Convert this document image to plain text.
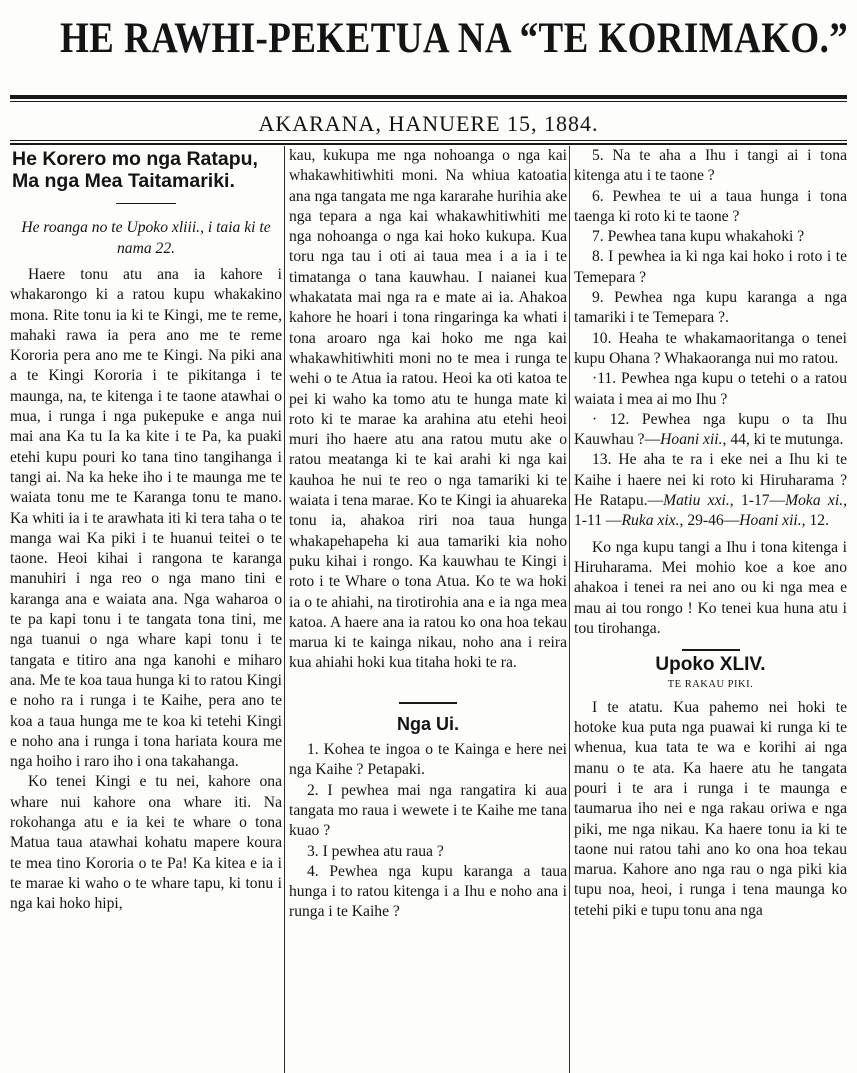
HE RAWHI-PEKETUA NA “TE KORIMAKO.”
AKARANA, HANUERE 15, 1884.
He Korero mo nga Ratapu, Ma nga Mea Taitamariki.
He roanga no te Upoko xliii., i taia ki te nama 22.

Haere tonu atu ana ia kahore i whakarongo ki a ratou kupu whakakino mona. Rite tonu ia ki te Kingi, me te reme, mahaki rawa ia pera ano me te reme Kororia pera ano me te Kingi. Na piki ana a te Kingi Kororia i te pikitanga i te maunga, na, te kitenga i te taone atawhai o mua, i runga i nga pukepuke e anga nui mai ana Ka tu Ia ka kite i te Pa, ka puaki etehi kupu pouri ko tana tino tangihanga i tangi ai. Na ka heke iho i te maunga me te waiata tonu me te Karanga tonu te mano. Ka whiti ia i te arawhata iti ki tera taha o te manga wai Ka piki i te huanui teitei o te taone. Heoi kihai i rangona te karanga manuhiri i nga reo o nga mano tini e karanga ana e waiata ana. Nga waharoa o te pa kapi tonu i te tangata tona tini, me nga tuanui o nga whare kapi tonu i te tangata e titiro ana nga kanohi e miharo ana. Me te koa taua hunga ki to ratou Kingi e noho ra i runga i te Kaihe, pera ano te koa a taua hunga me te koa ki tetehi Kingi e noho ana i runga i tona hariata koura me nga hoiho i raro iho i ona takahanga.

Ko tenei Kingi e tu nei, kahore ona whare nui kahore ona whare iti. Na rokohanga atu e ia kei te whare o tona Matua taua atawhai kohatu mapere koura te mea tino Kororia o te Pa! Ka kitea e ia i te marae ki waho o te whare tapu, ki tonu i nga kai hoko hipi,

kau, kukupa me nga nohoanga o nga kai whakawhitiwhiti moni. Na whiua katoatia ana nga tangata me nga kararahe hurihia ake nga tepara a nga kai whakawhitiwhiti me nga nohoanga o nga kai hoko kukupa. Kua toru nga tau i oti ai taua mea i a ia i te timatanga o tana kauwhau. I naianei kua whakatata mai nga ra e mate ai ia. Ahakoa kahore he hoari i tona ringaringa ka whati i tona aroaro nga kai hoko me nga kai whakawhitiwhiti moni no te mea i runga te wehi o te Atua ia ratou. Heoi ka oti katoa te pei ki waho ka tomo atu te hunga mate ki roto ki te marae ka arahina atu etehi heoi muri iho haere atu ana ratou mutu ake o ratou meatanga ki te kai arahi ki nga kai kauhoa he nui te reo o nga tamariki ki te waiata i tena marae. Ko te Kingi ia ahuareka tonu ia, ahakoa riri noa taua hunga whakapehapeha ki aua tamariki kia noho puku kihai i rongo. Ka kauwhau te Kingi i roto i te Whare o tona Atua. Ko te wa hoki ia o te ahiahi, na tirotirohia ana e ia nga mea katoa. A haere ana ia ratou ko ona hoa tekau marua ki te kainga nikau, noho ana i reira kua ahiahi hoki kua titaha hoki te ra.

Nga Ui.

1. Kohea te ingoa o te Kainga e here nei nga Kaihe ? Petapaki.

2. I pewhea mai nga rangatira ki aua tangata mo raua i wewete i te Kaihe me tana kuao ?

3. I pewhea atu raua ?

4. Pewhea nga kupu karanga a taua hunga i to ratou kitenga i a Ihu e noho ana i runga i te Kaihe ?

5. Na te aha a Ihu i tangi ai i tona kitenga atu i te taone ?

6. Pewhea te ui a taua hunga i tona taenga ki roto ki te taone ?

7. Pewhea tana kupu whakahoki ?

8. I pewhea ia ki nga kai hoko i roto i te Temepara ?

9. Pewhea nga kupu karanga a nga tamariki i te Temepara ?.

10. Heaha te whakamaoritanga o tenei kupu Ohana ? Whakaoranga nui mo ratou.

·11. Pewhea nga kupu o tetehi o a ratou waiata i mea ai mo Ihu ?

· 12. Pewhea nga kupu o ta Ihu Kauwhau ?—Hoani xii., 44, ki te mutunga.

13. He aha te ra i eke nei a Ihu ki te Kaihe i haere nei ki roto ki Hiruharama ? He Ratapu.—Matiu xxi., 1-17—Moka xi., 1-11 —Ruka xix., 29-46—Hoani xii., 12.

Ko nga kupu tangi a Ihu i tona kitenga i Hiruharama. Mei mohio koe a koe ano ahakoa i tenei ra nei ano ou ki nga mea e mau ai tou rongo ! Ko tenei kua huna atu i tou tirohanga.

Upoko XLIV.
TE RAKAU PIKI.

I te atatu. Kua pahemo nei hoki te hotoke kua puta nga puawai ki runga ki te whenua, kua tata te wa e korihi ai nga manu o te ata. Ka haere atu he tangata pouri i te ara i runga i te maunga e taumarua iho nei e nga rakau oriwa e nga piki, me nga nikau. Ka haere tonu ia ki te taone nui ratou tahi ano ko ona hoa tekau marua. Kahore ano nga rau o nga piki kia tupu noa, heoi, i runga i tena maunga ko tetehi piki e tupu tonu ana nga
